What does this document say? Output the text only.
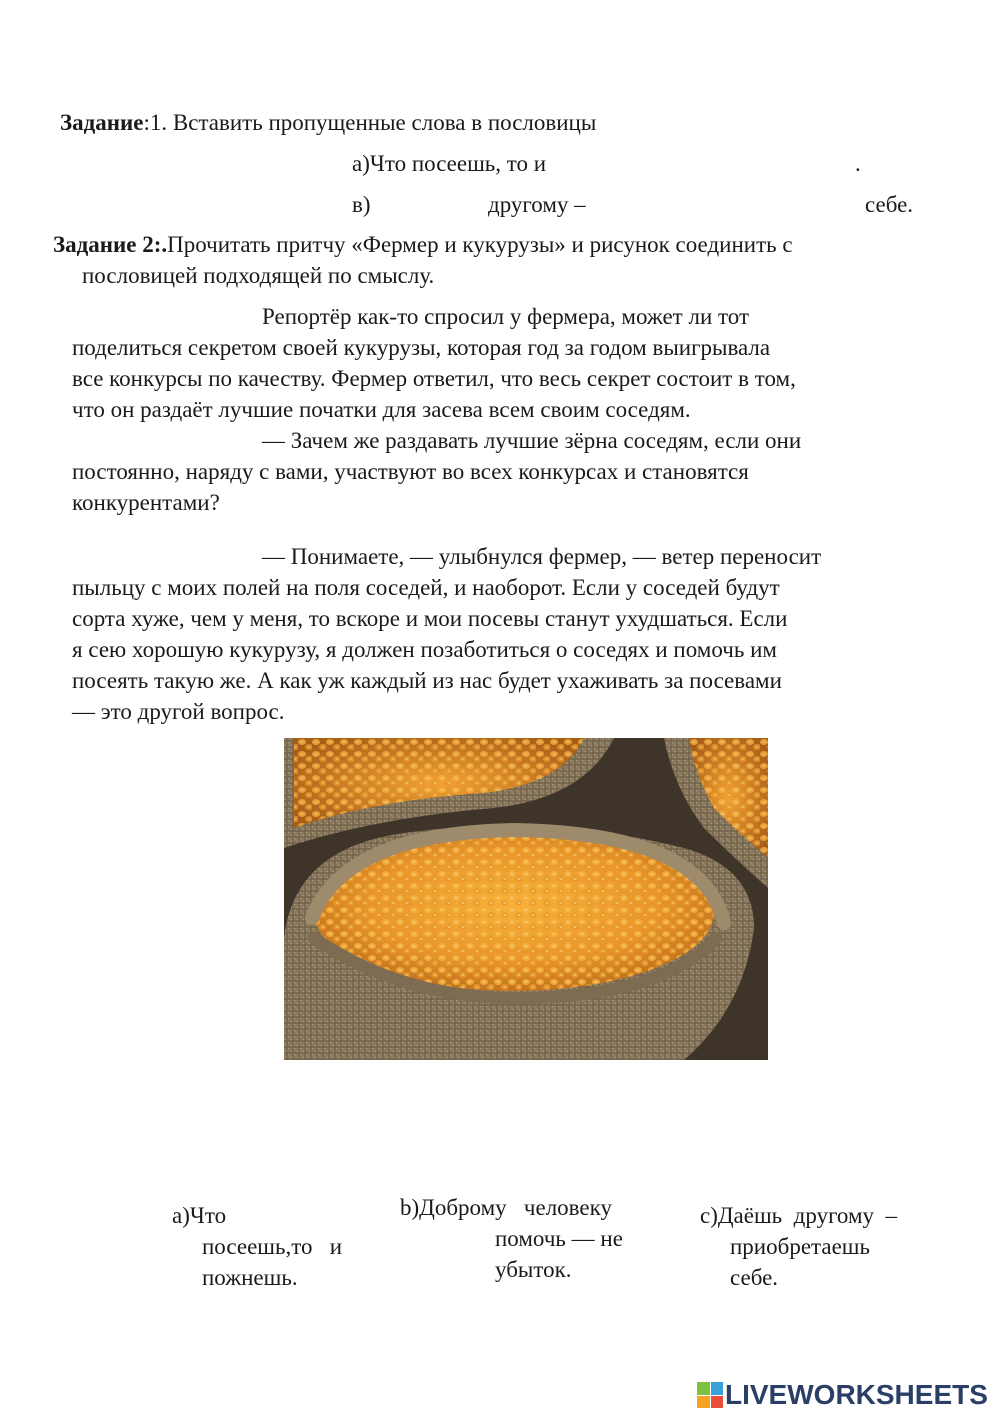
Задание:1. Вставить пропущенные слова в пословицы
а)Что посеешь, то и	.
в)	другому –	себе.
Задание 2:.Прочитать притчу «Фермер и кукурузы» и рисунок соединить с
пословицей подходящей по смыслу.
Репортёр как-то спросил у фермера, может ли тот
поделиться секретом своей кукурузы, которая год за годом выигрывала
все конкурсы по качеству. Фермер ответил, что весь секрет состоит в том,
что он раздаёт лучшие початки для засева всем своим соседям.
— Зачем же раздавать лучшие зёрна соседям, если они
постоянно, наряду с вами, участвуют во всех конкурсах и становятся
конкурентами?
— Понимаете, — улыбнулся фермер, — ветер переносит
пыльцу с моих полей на поля соседей, и наоборот. Если у соседей будут
сорта хуже, чем у меня, то вскоре и мои посевы станут ухудшаться. Если
я сею хорошую кукурузу, я должен позаботиться о соседях и помочь им
посеять такую же. А как уж каждый из нас будет ухаживать за посевами
— это другой вопрос.
а)Что
посеешь,то   и
пожнешь.
b)Доброму   человеку
помочь — не
убыток.
с)Даёшь  другому  –
приобретаешь
себе.
LIVEWORKSHEETS
